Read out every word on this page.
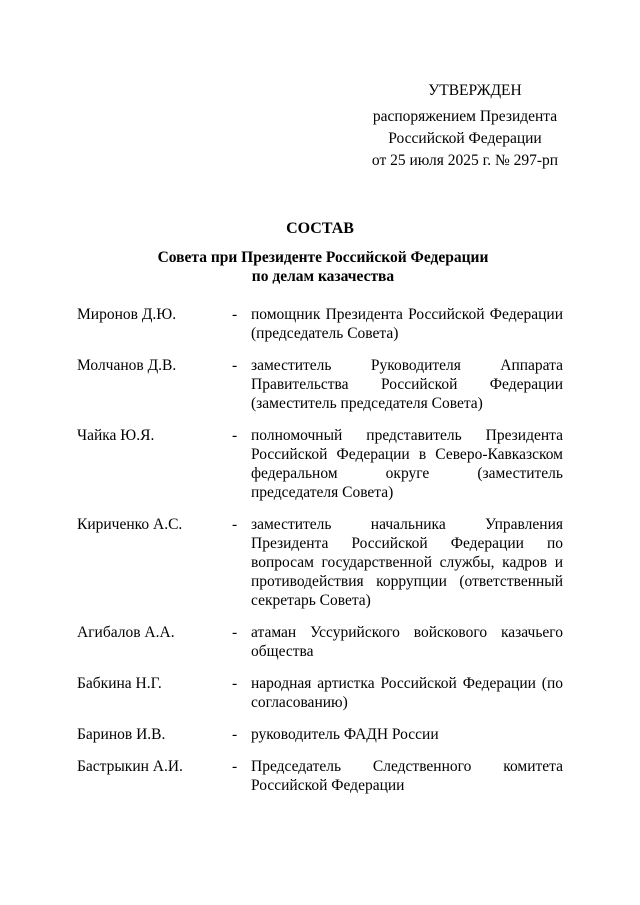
УТВЕРЖДЕН
распоряжением Президента
Российской Федерации
от 25 июля 2025 г. № 297-рп
СОСТАВ
Совета при Президенте Российской Федерации
по делам казачества
Миронов Д.Ю.	- помощник Президента Российской Федерации (председатель Совета)
Молчанов Д.В.	- заместитель Руководителя Аппарата Правительства Российской Федерации (заместитель председателя Совета)
Чайка Ю.Я.	- полномочный представитель Президента Российской Федерации в Северо-Кавказском федеральном округе (заместитель председателя Совета)
Кириченко А.С.	- заместитель начальника Управления Президента Российской Федерации по вопросам государственной службы, кадров и противодействия коррупции (ответственный секретарь Совета)
Агибалов А.А.	- атаман Уссурийского войскового казачьего общества
Бабкина Н.Г.	- народная артистка Российской Федерации (по согласованию)
Баринов И.В.	- руководитель ФАДН России
Бастрыкин А.И.	- Председатель Следственного комитета Российской Федерации
